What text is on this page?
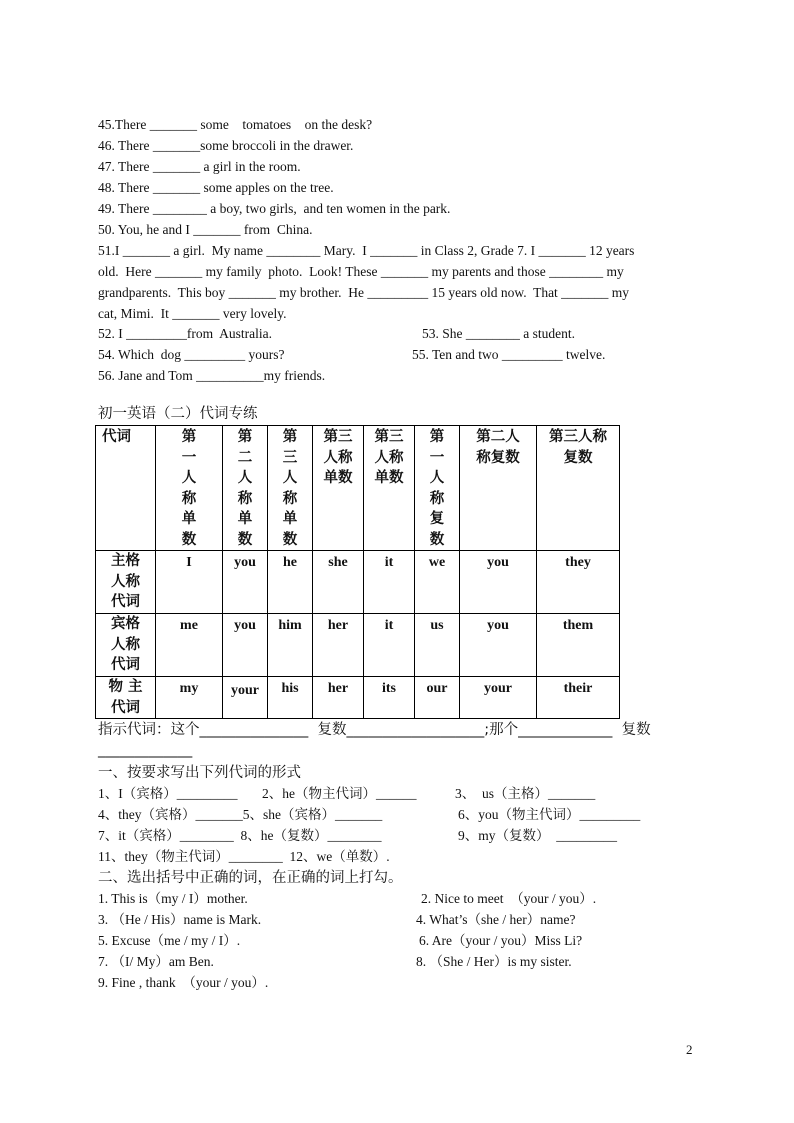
45.There _______ some    tomatoes    on the desk?
46. There _______some broccoli in the drawer.
47. There _______ a girl in the room.
48. There _______ some apples on the tree.
49. There ________ a boy, two girls,  and ten women in the park.
50. You, he and I _______ from  China.
51.I _______ a girl.  My name ________ Mary.  I _______ in Class 2, Grade 7. I _______ 12 years
old.  Here _______ my family  photo.  Look! These _______ my parents and those ________ my
grandparents.  This boy _______ my brother.  He _________ 15 years old now.  That _______ my
cat, Mimi.  It _______ very lovely.
52. I _________from  Australia.	53. She ________ a student.
54. Which  dog _________ yours?	55. Ten and two _________ twelve.
56. Jane and Tom __________my friends.
初一英语（二）代词专练
代词	第一人称单数	第二人称单数	第三人称单数	第三人称单数	第三人称单数	第一人称复数	第二人称复数	第三人称复数

主格人称代词	I	you	he	she	it	we	you	they

宾格人称代词	me	you	him	her	it	us	you	them

物 主代词	my	your	his	her	its	our	your	their
指示代词：这个_______________  复数___________________;那个_____________  复数
_____________
一、按要求写出下列代词的形式
1、I（宾格）_________ 2、he（物主代词）______	3、  us（主格）_______
4、they（宾格）_______5、she（宾格）_______	6、you（物主代词）_________
7、it（宾格）________  8、he（复数）________	9、my（复数）  _________
11、they（物主代词）________  12、we（单数）.
二、选出括号中正确的词，在正确的词上打勾。
1. This is（my / I）mother.	2. Nice to meet  （your / you）.
3. （He / His）name is Mark.	4. What’s（she / her）name?
5. Excuse（me / my / I）.	6. Are（your / you）Miss Li?
7. （I/ My）am Ben.	8. （She / Her）is my sister.
9. Fine , thank  （your / you）.
2
